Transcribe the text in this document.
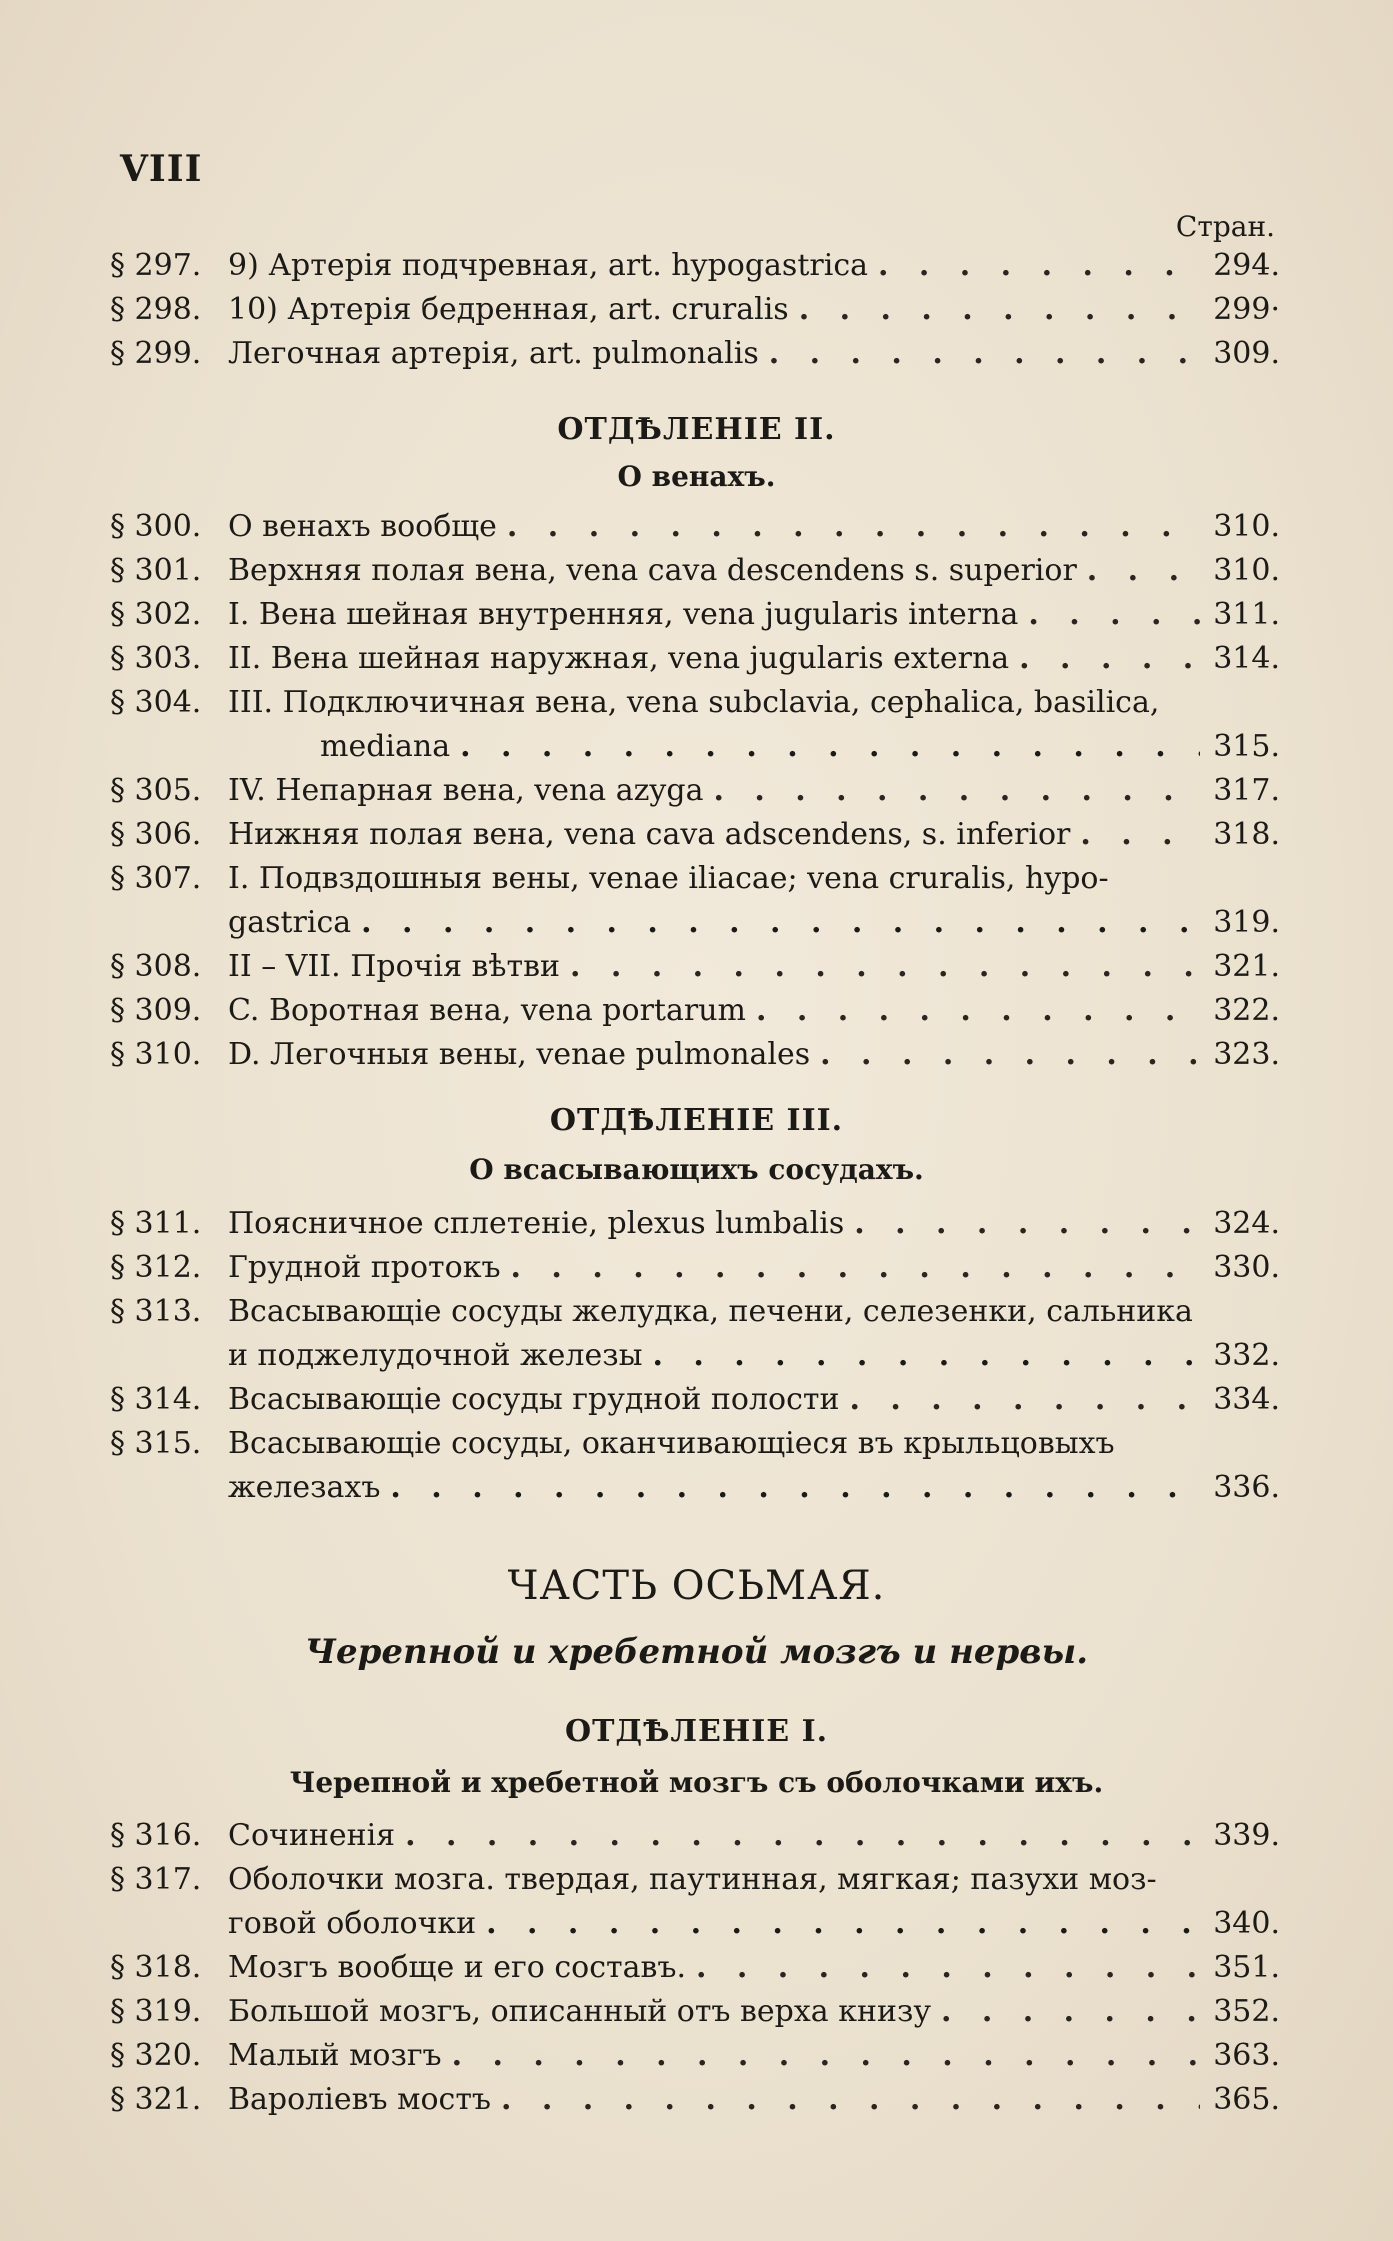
VIII
Стран.
§ 297. 9) Артерія подчревная, art. hypogastrica . . .	294.
§ 298. 10) Артерія бедренная, art. cruralis . . .	299·
§ 299. Легочная артерія, art. pulmonalis . . .	309.
ОТДѢЛЕНІЕ II.
О венахъ.
§ 300. О венахъ вообще . . .	310.
§ 301. Верхняя полая вена, vena cava descendens s. superior . . .	310.
§ 302. I. Вена шейная внутренняя, vena jugularis interna . . .	311.
§ 303. II. Вена шейная наружная, vena jugularis externa . . .	314.
§ 304. III. Подключичная вена, vena subclavia, cephalica, basilica,
mediana . . .	315.
§ 305. IV. Непарная вена, vena azyga . . .	317.
§ 306. Нижняя полая вена, vena cava adscendens, s. inferior . . .	318.
§ 307. I. Подвздошныя вены, venae iliacae; vena cruralis, hypo-
gastrica . . .	319.
§ 308. II – VII. Прочія вѣтви . . .	321.
§ 309. C. Воротная вена, vena portarum . . .	322.
§ 310. D. Легочныя вены, venae pulmonales . . .	323.
ОТДѢЛЕНІЕ III.
О всасывающихъ сосудахъ.
§ 311. Поясничное сплетеніе, plexus lumbalis . . .	324.
§ 312. Грудной протокъ . . .	330.
§ 313. Всасывающіе сосуды желудка, печени, селезенки, сальника
и поджелудочной железы . . .	332.
§ 314. Всасывающіе сосуды грудной полости . . .	334.
§ 315. Всасывающіе сосуды, оканчивающіеся въ крыльцовыхъ
железахъ . . .	336.
ЧАСТЬ ОСЬМАЯ.
Черепной и хребетной мозгъ и нервы.
ОТДѢЛЕНІЕ I.
Черепной и хребетной мозгъ съ оболочками ихъ.
§ 316. Сочиненія . . .	339.
§ 317. Оболочки мозга. твердая, паутинная, мягкая; пазухи моз-
говой оболочки . . .	340.
§ 318. Мозгъ вообще и его составъ. . . .	351.
§ 319. Большой мозгъ, описанный отъ верха книзу . . .	352.
§ 320. Малый мозгъ . . .	363.
§ 321. Вароліевъ мостъ . . .	365.
